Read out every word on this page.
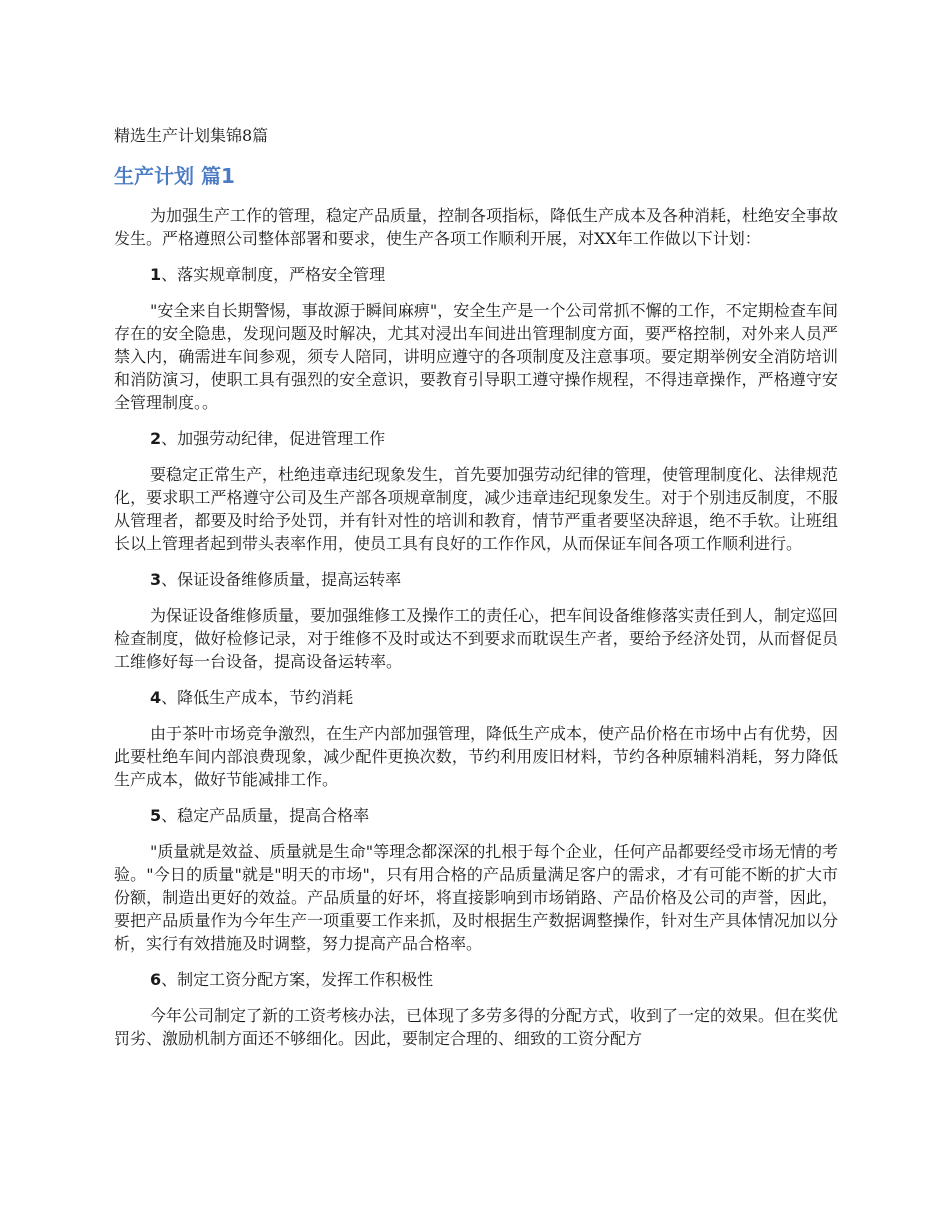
精选生产计划集锦8篇
生产计划 篇1

为加强生产工作的管理，稳定产品质量，控制各项指标，降低生产成本及各种消耗，杜绝安全事故发生。严格遵照公司整体部署和要求，使生产各项工作顺利开展，对XX年工作做以下计划：

1、落实规章制度，严格安全管理

"安全来自长期警惕，事故源于瞬间麻痹"，安全生产是一个公司常抓不懈的工作，不定期检查车间存在的安全隐患，发现问题及时解决，尤其对浸出车间进出管理制度方面，要严格控制，对外来人员严禁入内，确需进车间参观，须专人陪同，讲明应遵守的各项制度及注意事项。要定期举例安全消防培训和消防演习，使职工具有强烈的安全意识，要教育引导职工遵守操作规程，不得违章操作，严格遵守安全管理制度。。

2、加强劳动纪律，促进管理工作

要稳定正常生产，杜绝违章违纪现象发生，首先要加强劳动纪律的管理，使管理制度化、法律规范化，要求职工严格遵守公司及生产部各项规章制度，减少违章违纪现象发生。对于个别违反制度，不服从管理者，都要及时给予处罚，并有针对性的培训和教育，情节严重者要坚决辞退，绝不手软。让班组长以上管理者起到带头表率作用，使员工具有良好的工作作风，从而保证车间各项工作顺利进行。

3、保证设备维修质量，提高运转率

为保证设备维修质量，要加强维修工及操作工的责任心，把车间设备维修落实责任到人，制定巡回检查制度，做好检修记录，对于维修不及时或达不到要求而耽误生产者，要给予经济处罚，从而督促员工维修好每一台设备，提高设备运转率。

4、降低生产成本，节约消耗

由于茶叶市场竞争激烈，在生产内部加强管理，降低生产成本，使产品价格在市场中占有优势，因此要杜绝车间内部浪费现象，减少配件更换次数，节约利用废旧材料，节约各种原辅料消耗，努力降低生产成本，做好节能减排工作。

5、稳定产品质量，提高合格率

"质量就是效益、质量就是生命"等理念都深深的扎根于每个企业，任何产品都要经受市场无情的考验。"今日的质量"就是"明天的市场"，只有用合格的产品质量满足客户的需求，才有可能不断的扩大市份额，制造出更好的效益。产品质量的好坏，将直接影响到市场销路、产品价格及公司的声誉，因此，要把产品质量作为今年生产一项重要工作来抓，及时根据生产数据调整操作，针对生产具体情况加以分析，实行有效措施及时调整，努力提高产品合格率。

6、制定工资分配方案，发挥工作积极性

今年公司制定了新的工资考核办法，已体现了多劳多得的分配方式，收到了一定的效果。但在奖优罚劣、激励机制方面还不够细化。因此，要制定合理的、细致的工资分配方
